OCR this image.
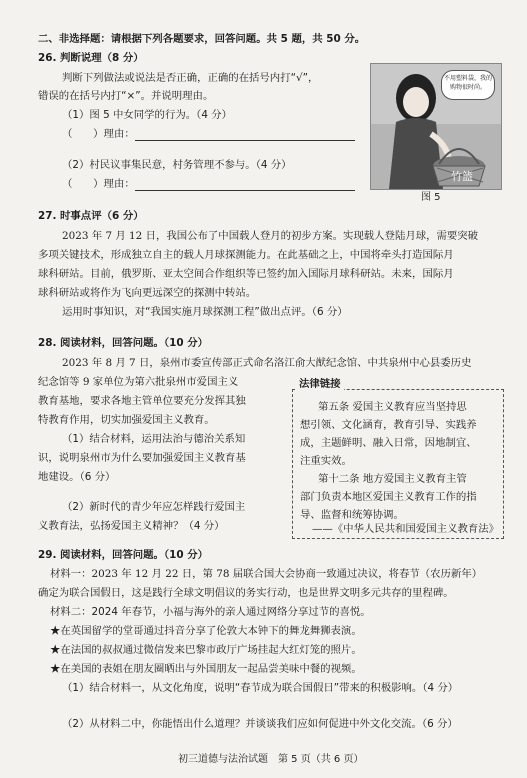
二、非选择题：请根据下列各题要求，回答问题。共 5 题，共 50 分。
26. 判断说理（8 分）
判断下列做法或说法是否正确，正确的在括号内打“√”，
错误的在括号内打“×”。并说明理由。
（1）图 5 中女同学的行为。（4 分）
（　　）理由：
（2）村民议事集民意，村务管理不参与。（4 分）
（　　）理由：
竹篮
不用塑料袋，我的购物很时尚。
图 5
27. 时事点评（6 分）
2023 年 7 月 12 日，我国公布了中国载人登月的初步方案。实现载人登陆月球，需要突破
多项关键技术，形成独立自主的载人月球探测能力。在此基础之上，中国将牵头打造国际月
球科研站。目前，俄罗斯、亚太空间合作组织等已签约加入国际月球科研站。未来，国际月
球科研站或将作为飞向更远深空的探测中转站。
运用时事知识，对“我国实施月球探测工程”做出点评。（6 分）
28. 阅读材料，回答问题。（10 分）
2023 年 8 月 7 日，泉州市委宣传部正式命名洛江俞大猷纪念馆、中共泉州中心县委历史
纪念馆等 9 家单位为第六批泉州市爱国主义
教育基地，要求各地主管单位要充分发挥其独
特教育作用，切实加强爱国主义教育。
（1）结合材料，运用法治与德治关系知
识，说明泉州市为什么要加强爱国主义教育基
地建设。（6 分）
（2）新时代的青少年应怎样践行爱国主
义教育法，弘扬爱国主义精神？（4 分）
法律链接
第五条 爱国主义教育应当坚持思
想引领、文化涵育，教育引导、实践养
成，主题鲜明、融入日常，因地制宜、
注重实效。
第十二条 地方爱国主义教育主管
部门负责本地区爱国主义教育工作的指
导、监督和统筹协调。
——《中华人民共和国爱国主义教育法》
29. 阅读材料，回答问题。（10 分）
材料一：2023 年 12 月 22 日，第 78 届联合国大会协商一致通过决议，将春节（农历新年）
确定为联合国假日，这是践行全球文明倡议的务实行动，也是世界文明多元共存的里程碑。
材料二：2024 年春节，小福与海外的亲人通过网络分享过节的喜悦。
★在英国留学的堂哥通过抖音分享了伦敦大本钟下的舞龙舞狮表演。
★在法国的叔叔通过微信发来巴黎市政厅广场挂起大红灯笼的照片。
★在美国的表姐在朋友圈晒出与外国朋友一起品尝美味中餐的视频。
（1）结合材料一，从文化角度，说明“春节成为联合国假日”带来的积极影响。（4 分）
（2）从材料二中，你能悟出什么道理？并谈谈我们应如何促进中外文化交流。（6 分）
初三道德与法治试题　第 5 页（共 6 页）
